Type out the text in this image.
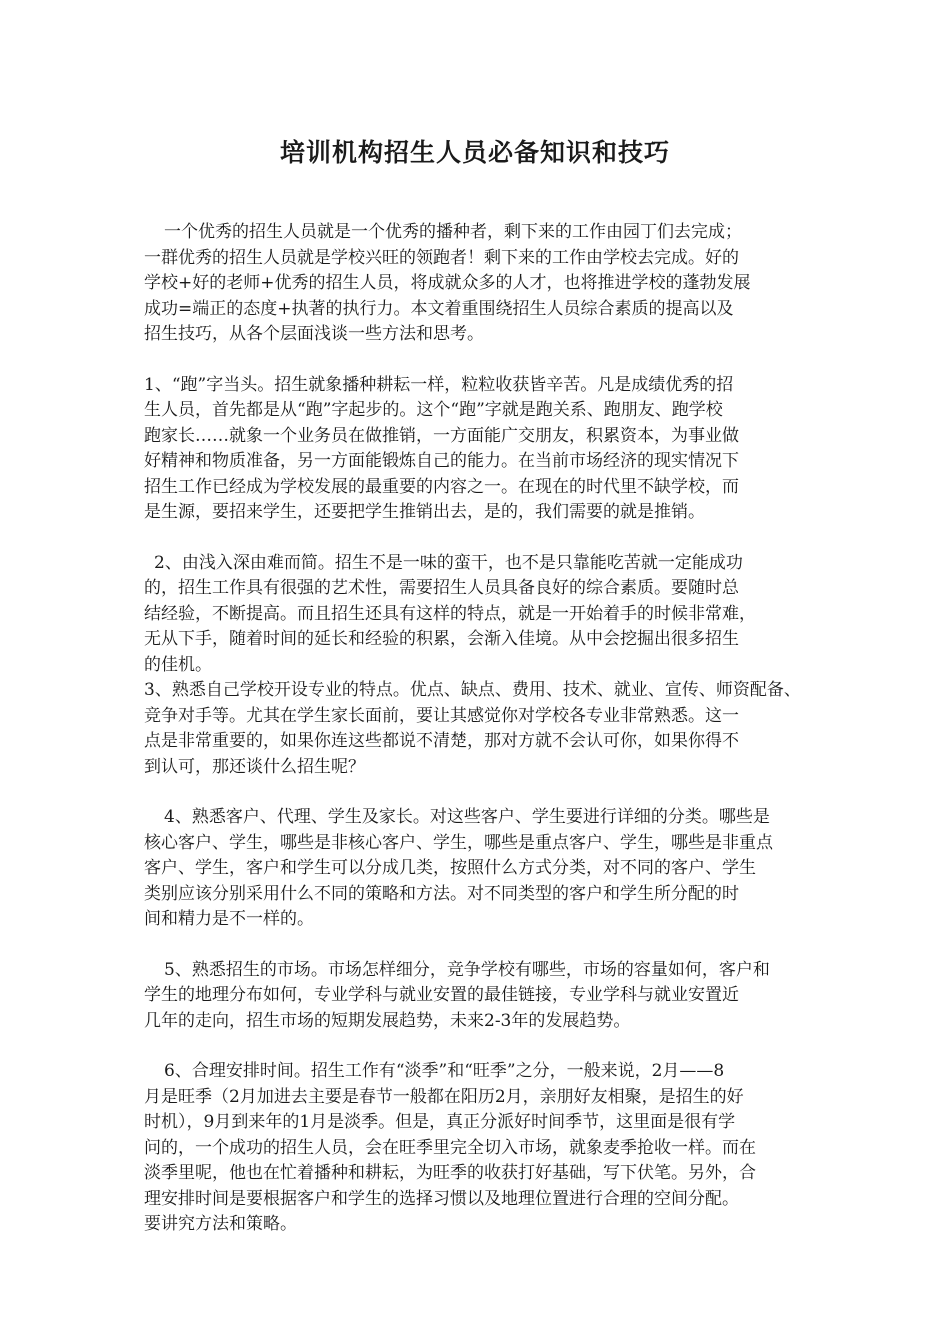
培训机构招生人员必备知识和技巧
一个优秀的招生人员就是一个优秀的播种者，剩下来的工作由园丁们去完成；
一群优秀的招生人员就是学校兴旺的领跑者！剩下来的工作由学校去完成。好的
学校+好的老师+优秀的招生人员，将成就众多的人才，也将推进学校的蓬勃发展
成功=端正的态度+执著的执行力。本文着重围绕招生人员综合素质的提高以及
招生技巧，从各个层面浅谈一些方法和思考。
1、“跑”字当头。招生就象播种耕耘一样，粒粒收获皆辛苦。凡是成绩优秀的招
生人员，首先都是从“跑”字起步的。这个“跑”字就是跑关系、跑朋友、跑学校
跑家长……就象一个业务员在做推销，一方面能广交朋友，积累资本，为事业做
好精神和物质准备，另一方面能锻炼自己的能力。在当前市场经济的现实情况下
招生工作已经成为学校发展的最重要的内容之一。在现在的时代里不缺学校，而
是生源，要招来学生，还要把学生推销出去，是的，我们需要的就是推销。
2、由浅入深由难而简。招生不是一味的蛮干，也不是只靠能吃苦就一定能成功
的，招生工作具有很强的艺术性，需要招生人员具备良好的综合素质。要随时总
结经验，不断提高。而且招生还具有这样的特点，就是一开始着手的时候非常难，
无从下手，随着时间的延长和经验的积累，会渐入佳境。从中会挖掘出很多招生
的佳机。
3、熟悉自己学校开设专业的特点。优点、缺点、费用、技术、就业、宣传、师资配备、
竞争对手等。尤其在学生家长面前，要让其感觉你对学校各专业非常熟悉。这一
点是非常重要的，如果你连这些都说不清楚，那对方就不会认可你，如果你得不
到认可，那还谈什么招生呢？
4、熟悉客户、代理、学生及家长。对这些客户、学生要进行详细的分类。哪些是
核心客户、学生，哪些是非核心客户、学生，哪些是重点客户、学生，哪些是非重点
客户、学生，客户和学生可以分成几类，按照什么方式分类，对不同的客户、学生
类别应该分别采用什么不同的策略和方法。对不同类型的客户和学生所分配的时
间和精力是不一样的。
5、熟悉招生的市场。市场怎样细分，竞争学校有哪些，市场的容量如何，客户和
学生的地理分布如何，专业学科与就业安置的最佳链接，专业学科与就业安置近
几年的走向，招生市场的短期发展趋势，未来2-3年的发展趋势。
6、合理安排时间。招生工作有“淡季”和“旺季”之分，一般来说，2月——8
月是旺季（2月加进去主要是春节一般都在阳历2月，亲朋好友相聚，是招生的好
时机），9月到来年的1月是淡季。但是，真正分派好时间季节，这里面是很有学
问的，一个成功的招生人员，会在旺季里完全切入市场，就象麦季抢收一样。而在
淡季里呢，他也在忙着播种和耕耘，为旺季的收获打好基础，写下伏笔。另外，合
理安排时间是要根据客户和学生的选择习惯以及地理位置进行合理的空间分配。
要讲究方法和策略。
